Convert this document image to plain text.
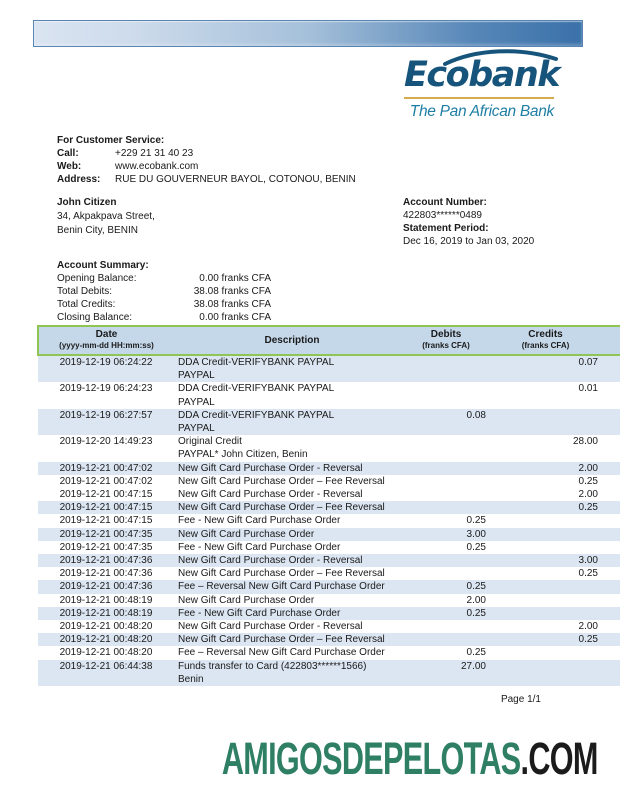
Ecobank
The Pan African Bank
For Customer Service:
Call:	+229 21 31 40 23
Web:	www.ecobank.com
Address:	RUE DU GOUVERNEUR BAYOL, COTONOU, BENIN
John Citizen
34, Akpakpava Street,
Benin City, BENIN
Account Number:
422803******0489
Statement Period:
Dec 16, 2019 to Jan 03, 2020
Account Summary:
Opening Balance:	0.00 franks CFA
Total Debits:	38.08 franks CFA
Total Credits:	38.08 franks CFA
Closing Balance:	0.00 franks CFA
Date
(yyyy-mm-dd HH:mm:ss)	Description	Debits
(franks CFA)

Credits
(franks CFA)

2019-12-19 06:24:22	DDA Credit-VERIFYBANK PAYPAL
PAYPAL		0.07
2019-12-19 06:24:23	DDA Credit-VERIFYBANK PAYPAL
PAYPAL		0.01
2019-12-19 06:27:57	DDA Credit-VERIFYBANK PAYPAL
PAYPAL	0.08	
2019-12-20 14:49:23	Original Credit
PAYPAL* John Citizen, Benin		28.00
2019-12-21 00:47:02	New Gift Card Purchase Order - Reversal		2.00
2019-12-21 00:47:02	New Gift Card Purchase Order – Fee Reversal		0.25
2019-12-21 00:47:15	New Gift Card Purchase Order - Reversal		2.00
2019-12-21 00:47:15	New Gift Card Purchase Order – Fee Reversal		0.25
2019-12-21 00:47:15	Fee - New Gift Card Purchase Order	0.25	
2019-12-21 00:47:35	New Gift Card Purchase Order	3.00	
2019-12-21 00:47:35	Fee - New Gift Card Purchase Order	0.25	
2019-12-21 00:47:36	New Gift Card Purchase Order - Reversal		3.00
2019-12-21 00:47:36	New Gift Card Purchase Order – Fee Reversal		0.25
2019-12-21 00:47:36	Fee – Reversal New Gift Card Purchase Order	0.25	
2019-12-21 00:48:19	New Gift Card Purchase Order	2.00	
2019-12-21 00:48:19	Fee - New Gift Card Purchase Order	0.25	
2019-12-21 00:48:20	New Gift Card Purchase Order - Reversal		2.00
2019-12-21 00:48:20	New Gift Card Purchase Order – Fee Reversal		0.25
2019-12-21 00:48:20	Fee – Reversal New Gift Card Purchase Order	0.25	
2019-12-21 06:44:38	Funds transfer to Card (422803******1566)
Benin	27.00	
Page 1/1
AMIGOSDEPELOTAS.COM
